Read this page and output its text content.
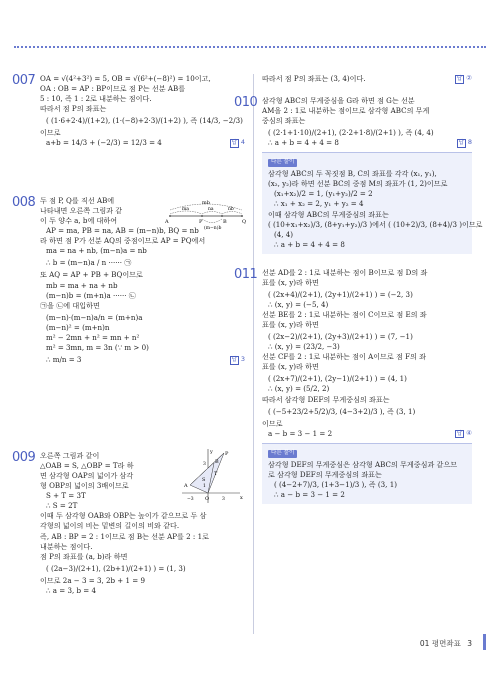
007 OA = √(4²+3²) = 5, OB = √(6²+(−8)²) = 10이고,
OA : OB = AP : BP이므로 점 P는 선분 AB를
5 : 10, 즉 1 : 2로 내분하는 점이다.
따라서 점 P의 좌표는
( (1·6+2·4)/(1+2), (1·(−8)+2·3)/(1+2) ), 즉 (14/3, −2/3)
이므로
a+b = 14/3 + (−2/3) = 12/3 = 4	답 4
008	mb
ma	na	nb
(m−n)b
A	P	B	Q
두 점 P, Q를 직선 AB에
나타내면 오른쪽 그림과 같
이 두 양수 a, b에 대하여
AP = ma, PB = na, AB = (m−n)b, BQ = nb
라 하면 점 P가 선분 AQ의 중점이므로 AP = PQ에서
ma = na + nb, (m−n)a = nb
∴ b = (m−n)a / n ······ ㉠
또 AQ = AP + PB + BQ이므로
mb = ma + na + nb
(m−n)b = (m+n)a ······ ㉡
㉠을 ㉡에 대입하면
(m−n)·(m−n)a/n = (m+n)a
(m−n)² = (m+n)n
m² − 2mn + n² = mn + n²
m² = 3mn, m = 3n (∵ m > 0)
∴ m/n = 3	답 3
009
x
y
O
A
B
P
S
T
1
3
−3	3
오른쪽 그림과 같이
△OAB = S, △OBP = T라 하
면 삼각형 OAP의 넓이가 삼각
형 OBP의 넓이의 3배이므로
S + T = 3T
∴ S = 2T
이때 두 삼각형 OAB와 OBP는 높이가 같으므로 두 삼
각형의 넓이의 비는 밑변의 길이의 비와 같다.
즉, AB : BP = 2 : 1이므로 점 B는 선분 AP를 2 : 1로
내분하는 점이다.
점 P의 좌표를 (a, b)라 하면
( (2a−3)/(2+1), (2b+1)/(2+1) ) = (1, 3)
이므로 2a − 3 = 3, 2b + 1 = 9
∴ a = 3, b = 4
따라서 점 P의 좌표는 (3, 4)이다.	답 ②
010 삼각형 ABC의 무게중심을 G라 하면 점 G는 선분
AM을 2 : 1로 내분하는 점이므로 삼각형 ABC의 무게
중심의 좌표는
( (2·1+1·10)/(2+1), (2·2+1·8)/(2+1) ), 즉 (4, 4)
∴ a + b = 4 + 4 = 8	답 8
다른 풀이
삼각형 ABC의 두 꼭짓점 B, C의 좌표를 각각 (x₁, y₁),
(x₂, y₂)라 하면 선분 BC의 중점 M의 좌표가 (1, 2)이므로
(x₁+x₂)/2 = 1, (y₁+y₂)/2 = 2
∴ x₁ + x₂ = 2, y₁ + y₂ = 4
이때 삼각형 ABC의 무게중심의 좌표는
( (10+x₁+x₂)/3, (8+y₁+y₂)/3 )에서 ( (10+2)/3, (8+4)/3 )이므로
(4, 4)
∴ a + b = 4 + 4 = 8
011 선분 AD를 2 : 1로 내분하는 점이 B이므로 점 D의 좌
표를 (x, y)라 하면
( (2x+4)/(2+1), (2y+1)/(2+1) ) = (−2, 3)
∴ (x, y) = (−5, 4)
선분 BE를 2 : 1로 내분하는 점이 C이므로 점 E의 좌
표를 (x, y)라 하면
( (2x−2)/(2+1), (2y+3)/(2+1) ) = (7, −1)
∴ (x, y) = (23/2, −3)
선분 CF를 2 : 1로 내분하는 점이 A이므로 점 F의 좌
표를 (x, y)라 하면
( (2x+7)/(2+1), (2y−1)/(2+1) ) = (4, 1)
∴ (x, y) = (5/2, 2)
따라서 삼각형 DEF의 무게중심의 좌표는
( (−5+23/2+5/2)/3, (4−3+2)/3 ), 즉 (3, 1)
이므로
a − b = 3 − 1 = 2	답 ④
다른 풀이
삼각형 DEF의 무게중심은 삼각형 ABC의 무게중심과 같으므
로 삼각형 DEF의 무게중심의 좌표는
( (4−2+7)/3, (1+3−1)/3 ), 즉 (3, 1)
∴ a − b = 3 − 1 = 2
01 평면좌표 3
